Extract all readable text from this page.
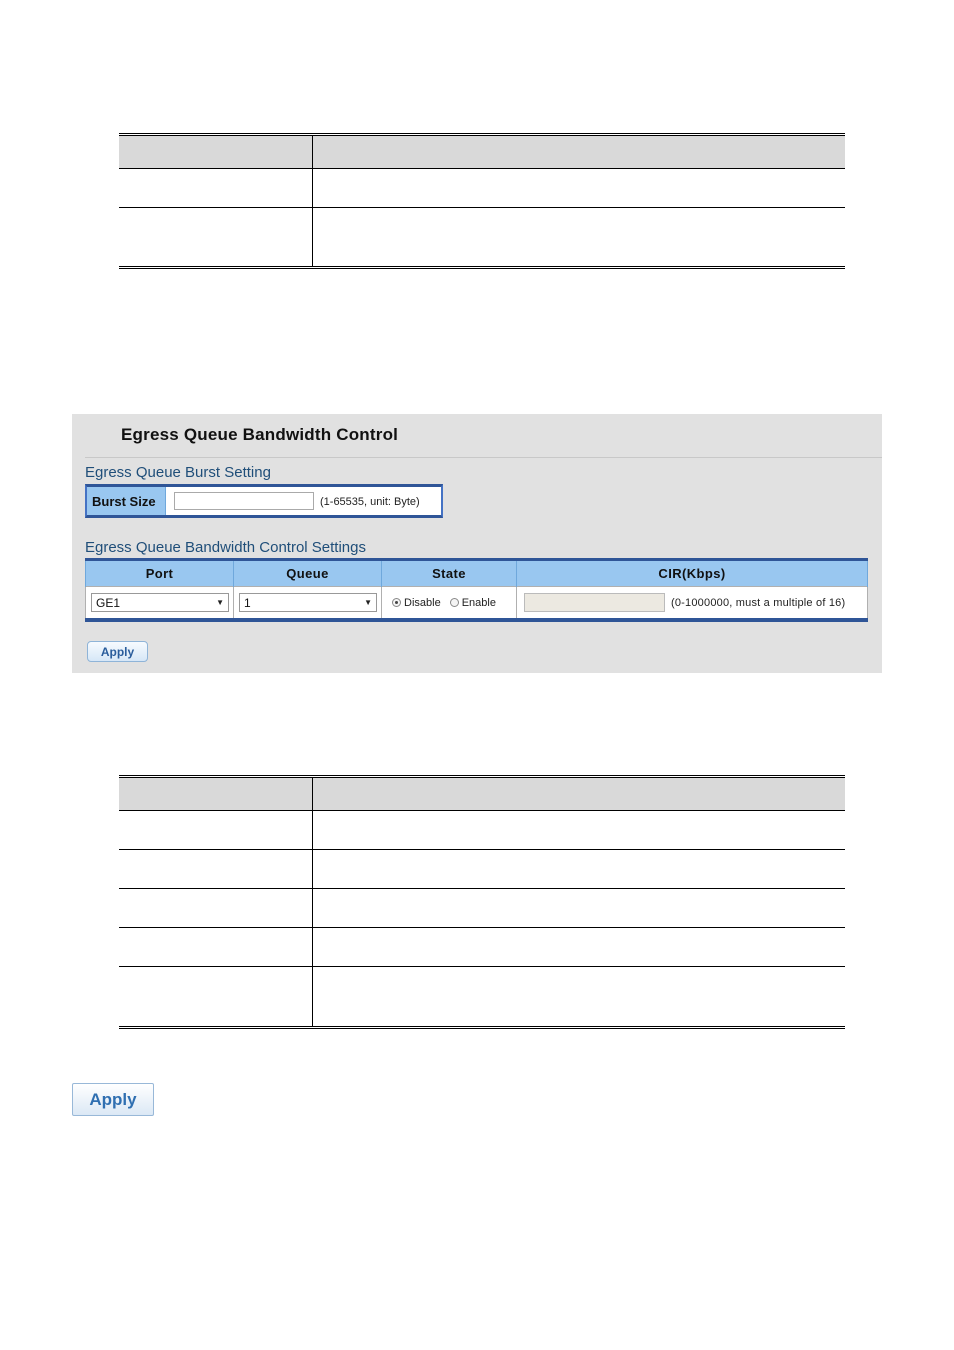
Egress Queue Bandwidth Control
Egress Queue Burst Setting
Burst Size	(1-65535, unit: Byte)
Egress Queue Bandwidth Control Settings
Port	Queue	State	CIR(Kbps)

GE1 ▼	1 ▼	Disable Enable	(0-1000000, must a multiple of 16)
Apply
Apply
